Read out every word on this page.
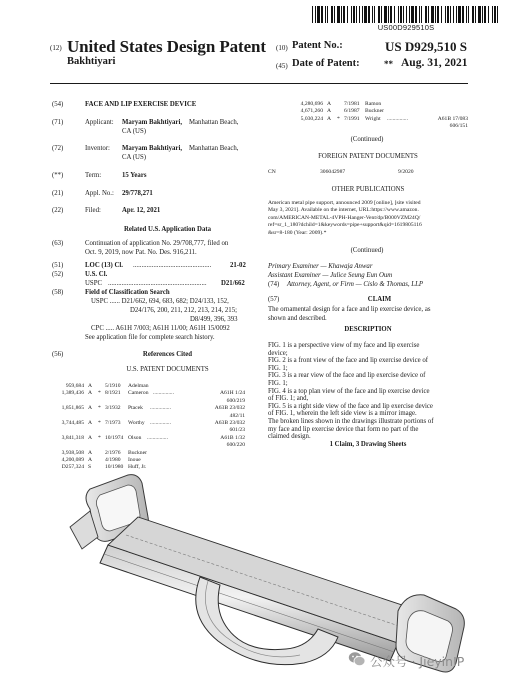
US00D929510S
(12) United States Design Patent
Bakhtiyari
(10) Patent No.:	US D929,510 S
(45) Date of Patent:	** Aug. 31, 2021
(54)	FACE AND LIP EXERCISE DEVICE
(71)	Applicant: Maryam Bakhtiyari, Manhattan Beach,
CA (US)
(72)	Inventor: Maryam Bakhtiyari, Manhattan Beach,
CA (US)
(**)	Term:	15 Years
(21)	Appl. No.: 29/778,271
(22)	Filed:	Apr. 12, 2021
Related U.S. Application Data
(63)	Continuation of application No. 29/708,777, filed on
Oct. 9, 2019, now Pat. No. Des. 916,211.
(51)	LOC (13) Cl. ..............................................	21-02
(52)	U.S. Cl.
USPC .......................................................... D21/662
(58)	Field of Classification Search
USPC ...... D21/662, 694, 683, 682; D24/133, 152,
D24/176, 200, 211, 212, 213, 214, 215;
D8/499, 396, 393
CPC ..... A61H 7/003; A61H 11/00; A61H 15/0092
See application file for complete search history.
(56)	References Cited
U.S. PATENT DOCUMENTS
959,684 A 5/1910 Adelman
1,389,436 A * 8/1921 Cameron ...............	A61H 1/24
600/219
1,851,865 A * 3/1932 Ptacek ...............	A63B 23/032
482/11
3,744,485 A * 7/1973 Worthy ...............	A63B 23/032
601/23
3,841,318 A * 10/1974 Olson ...............	A61B 1/32
600/220
3,938,508 A 2/1976 Buckner
4,200,089 A 4/1980 Inoue
D257,324 S 10/1980 Huff, Jr.
4,280,696 A 7/1981 Ramon
4,671,260 A 6/1987 Buckner
5,030,224 A * 7/1991 Wright ...............	A61B 17/083
606/151
(Continued)
FOREIGN PATENT DOCUMENTS
CN	306042987	9/2020
OTHER PUBLICATIONS
American metal pipe support, announced 2009 [online], [site visited
May 3, 2021]. Available on the internet, URL:https://www.amazon.
com/AMERICAN-METAL-4VPH-Hanger-Vent/dp/B000VZM24Q/
ref=sr_1_180?dchild=1&keywords=pipe+support&qid=1619805116
&sr=8-180 (Year: 2009).*
(Continued)
Primary Examiner — Khawaja Anwar
Assistant Examiner — Julice Seung Eun Oum
(74) Attorney, Agent, or Firm — Cislo & Thomas, LLP
(57)	CLAIM
The ornamental design for a face and lip exercise device, as
shown and described.
DESCRIPTION
FIG. 1 is a perspective view of my face and lip exercise
device;
FIG. 2 is a front view of the face and lip exercise device of
FIG. 1;
FIG. 3 is a rear view of the face and lip exercise device of
FIG. 1;
FIG. 4 is a top plan view of the face and lip exercise device
of FIG. 1; and,
FIG. 5 is a right side view of the face and lip exercise device
of FIG. 1, wherein the left side view is a mirror image.
The broken lines shown in the drawings illustrate portions of
my face and lip exercise device that form no part of the
claimed design.
1 Claim, 3 Drawing Sheets
公众号 · JieyinIP
